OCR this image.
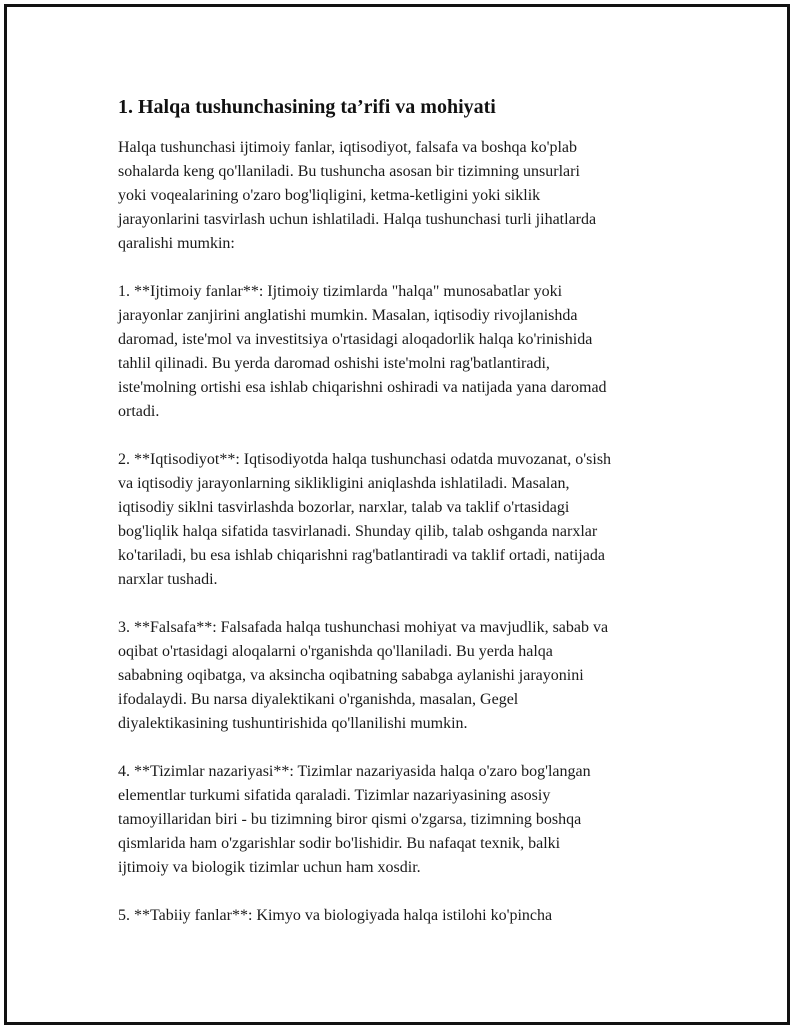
1. Halqa tushunchasining ta’rifi va mohiyati

Halqa tushunchasi ijtimoiy fanlar, iqtisodiyot, falsafa va boshqa ko'plab
sohalarda keng qo'llaniladi. Bu tushuncha asosan bir tizimning unsurlari
yoki voqealarining o'zaro bog'liqligini, ketma-ketligini yoki siklik
jarayonlarini tasvirlash uchun ishlatiladi. Halqa tushunchasi turli jihatlarda
qaralishi mumkin:

1. **Ijtimoiy fanlar**: Ijtimoiy tizimlarda "halqa" munosabatlar yoki
jarayonlar zanjirini anglatishi mumkin. Masalan, iqtisodiy rivojlanishda
daromad, iste'mol va investitsiya o'rtasidagi aloqadorlik halqa ko'rinishida
tahlil qilinadi. Bu yerda daromad oshishi iste'molni rag'batlantiradi,
iste'molning ortishi esa ishlab chiqarishni oshiradi va natijada yana daromad
ortadi.

2. **Iqtisodiyot**: Iqtisodiyotda halqa tushunchasi odatda muvozanat, o'sish
va iqtisodiy jarayonlarning siklikligini aniqlashda ishlatiladi. Masalan,
iqtisodiy siklni tasvirlashda bozorlar, narxlar, talab va taklif o'rtasidagi
bog'liqlik halqa sifatida tasvirlanadi. Shunday qilib, talab oshganda narxlar
ko'tariladi, bu esa ishlab chiqarishni rag'batlantiradi va taklif ortadi, natijada
narxlar tushadi.

3. **Falsafa**: Falsafada halqa tushunchasi mohiyat va mavjudlik, sabab va
oqibat o'rtasidagi aloqalarni o'rganishda qo'llaniladi. Bu yerda halqa
sababning oqibatga, va aksincha oqibatning sababga aylanishi jarayonini
ifodalaydi. Bu narsa diyalektikani o'rganishda, masalan, Gegel
diyalektikasining tushuntirishida qo'llanilishi mumkin.

4. **Tizimlar nazariyasi**: Tizimlar nazariyasida halqa o'zaro bog'langan
elementlar turkumi sifatida qaraladi. Tizimlar nazariyasining asosiy
tamoyillaridan biri - bu tizimning biror qismi o'zgarsa, tizimning boshqa
qismlarida ham o'zgarishlar sodir bo'lishidir. Bu nafaqat texnik, balki
ijtimoiy va biologik tizimlar uchun ham xosdir.

5. **Tabiiy fanlar**: Kimyo va biologiyada halqa istilohi ko'pincha
